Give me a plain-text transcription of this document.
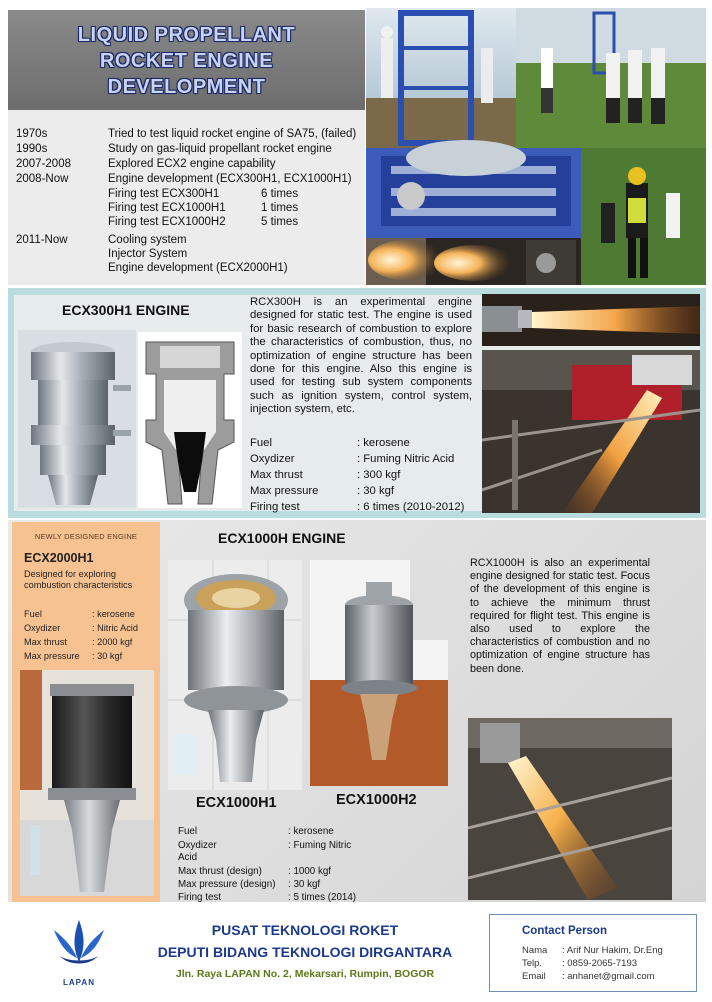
LIQUID PROPELLANT
ROCKET ENGINE
DEVELOPMENT
1970s	Tried to test liquid rocket engine of SA75, (failed)
1990s	Study on gas-liquid propellant rocket engine
2007-2008	Explored ECX2 engine capability
2008-Now	Engine development (ECX300H1, ECX1000H1)
Firing test ECX300H1	6 times
Firing test ECX1000H1	1 times
Firing test ECX1000H2	5 times
2011-Now	Cooling system
Injector System
Engine development (ECX2000H1)
ECX300H1 ENGINE	RCX300H is an experimental engine designed for static test. The engine is used for basic research of combustion to explore the characteristics of combustion, thus, no optimization of engine structure has been done for this engine. Also this engine is used for testing sub system components such as ignition system, control system, injection system, etc.
Fuel	: kerosene
Oxydizer	: Fuming Nitric Acid
Max thrust	: 300 kgf
Max pressure	: 30 kgf
Firing test	: 6 times (2010-2012)
NEWLY DESIGNED ENGINE
ECX2000H1
Designed for exploring combustion characteristics
Fuel	: kerosene
Oxydizer	: Nitric Acid
Max thrust	: 2000 kgf
Max pressure : 30 kgf
ECX1000H ENGINE
ECX1000H1	ECX1000H2
RCX1000H is also an experimental engine designed for static test. Focus of the development of this engine is to achieve the minimum thrust required for flight test. This engine is also used to explore the characteristics of combustion and no optimization of engine structure has been done.
Fuel	: kerosene
Oxydizer	: Fuming Nitric
Acid
Max thrust (design)	: 1000 kgf
Max pressure (design) : 30 kgf
Firing test	: 5 times (2014)
LAPAN
PUSAT TEKNOLOGI ROKET
DEPUTI BIDANG TEKNOLOGI DIRGANTARA
Jln. Raya LAPAN No. 2, Mekarsari, Rumpin, BOGOR
Contact Person
Nama : Arif Nur Hakim, Dr.Eng
Telp. : 0859-2065-7193
Email : anhanet@gmail.com
